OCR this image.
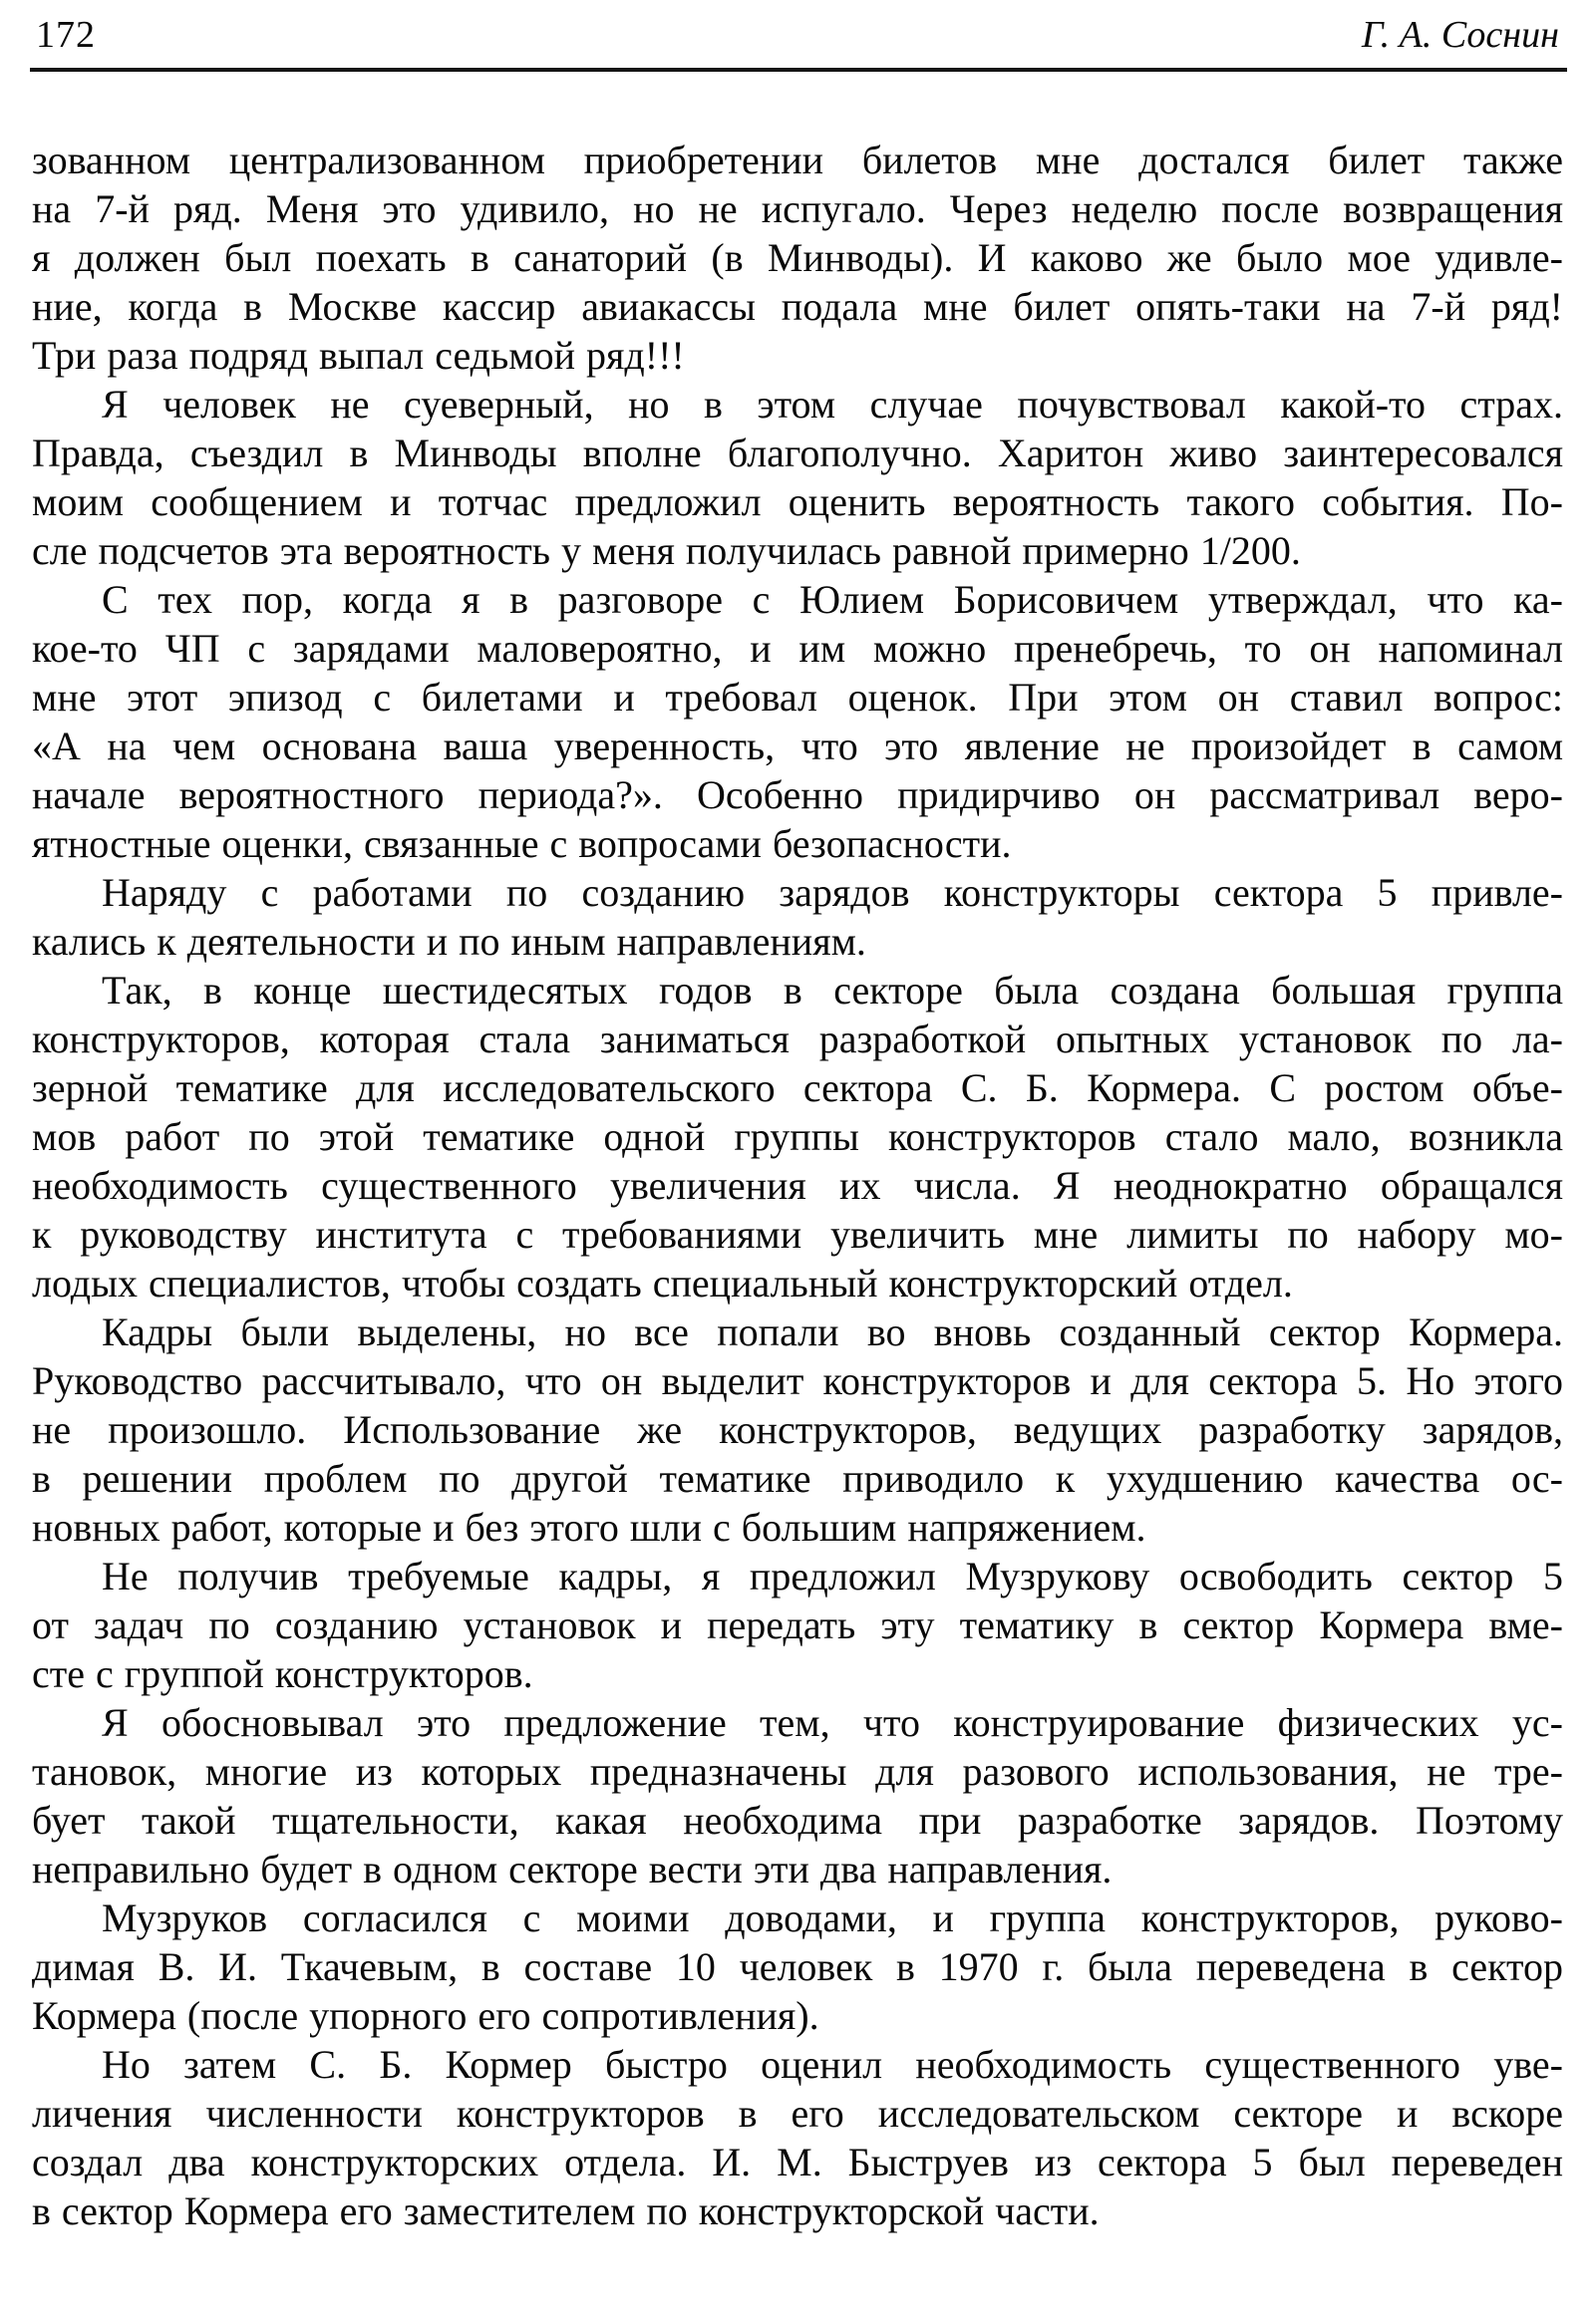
172	Г. А. Соснин
зованном централизованном приобретении билетов мне достался билет также
на 7-й ряд. Меня это удивило, но не испугало. Через неделю после возвращения
я должен был поехать в санаторий (в Минводы). И каково же было мое удивле-
ние, когда в Москве кассир авиакассы подала мне билет опять-таки на 7-й ряд!
Три раза подряд выпал седьмой ряд!!!
Я человек не суеверный, но в этом случае почувствовал какой-то страх.
Правда, съездил в Минводы вполне благополучно. Харитон живо заинтересовался
моим сообщением и тотчас предложил оценить вероятность такого события. По-
сле подсчетов эта вероятность у меня получилась равной примерно 1/200.
С тех пор, когда я в разговоре с Юлием Борисовичем утверждал, что ка-
кое-то ЧП с зарядами маловероятно, и им можно пренебречь, то он напоминал
мне этот эпизод с билетами и требовал оценок. При этом он ставил вопрос:
«А на чем основана ваша уверенность, что это явление не произойдет в самом
начале вероятностного периода?». Особенно придирчиво он рассматривал веро-
ятностные оценки, связанные с вопросами безопасности.
Наряду с работами по созданию зарядов конструкторы сектора 5 привле-
кались к деятельности и по иным направлениям.
Так, в конце шестидесятых годов в секторе была создана большая группа
конструкторов, которая стала заниматься разработкой опытных установок по ла-
зерной тематике для исследовательского сектора С. Б. Кормера. С ростом объе-
мов работ по этой тематике одной группы конструкторов стало мало, возникла
необходимость существенного увеличения их числа. Я неоднократно обращался
к руководству института с требованиями увеличить мне лимиты по набору мо-
лодых специалистов, чтобы создать специальный конструкторский отдел.
Кадры были выделены, но все попали во вновь созданный сектор Кормера.
Руководство рассчитывало, что он выделит конструкторов и для сектора 5. Но этого
не произошло. Использование же конструкторов, ведущих разработку зарядов,
в решении проблем по другой тематике приводило к ухудшению качества ос-
новных работ, которые и без этого шли с большим напряжением.
Не получив требуемые кадры, я предложил Музрукову освободить сектор 5
от задач по созданию установок и передать эту тематику в сектор Кормера вме-
сте с группой конструкторов.
Я обосновывал это предложение тем, что конструирование физических ус-
тановок, многие из которых предназначены для разового использования, не тре-
бует такой тщательности, какая необходима при разработке зарядов. Поэтому
неправильно будет в одном секторе вести эти два направления.
Музруков согласился с моими доводами, и группа конструкторов, руково-
димая В. И. Ткачевым, в составе 10 человек в 1970 г. была переведена в сектор
Кормера (после упорного его сопротивления).
Но затем С. Б. Кормер быстро оценил необходимость существенного уве-
личения численности конструкторов в его исследовательском секторе и вскоре
создал два конструкторских отдела. И. М. Быструев из сектора 5 был переведен
в сектор Кормера его заместителем по конструкторской части.
